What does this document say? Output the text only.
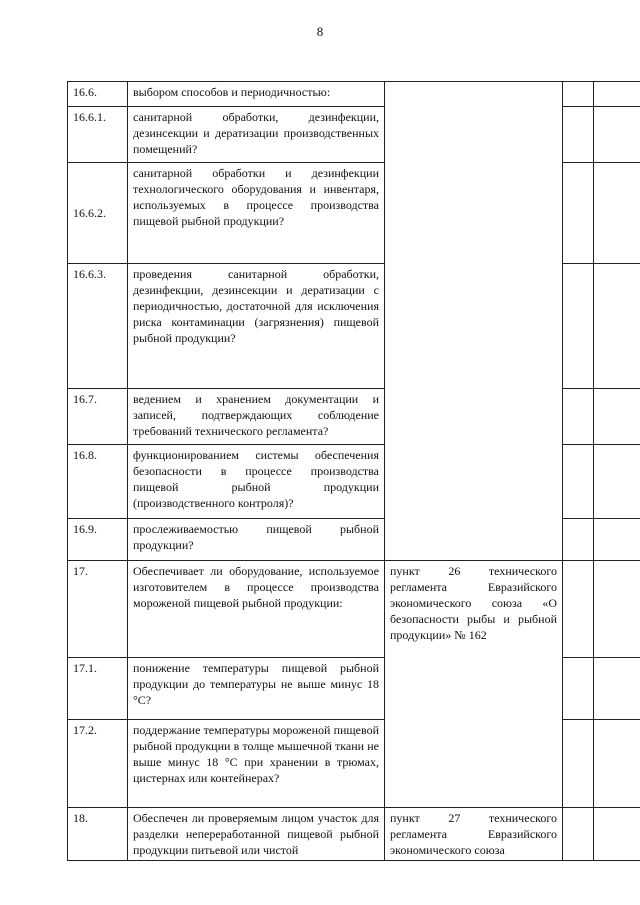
8
16.6.	выбором способов и периодичностью:			
16.6.1.	санитарной обработки, дезинфекции, дезинсекции и дератизации производственных помещений?			
16.6.2.	санитарной обработки и дезинфекции технологического оборудования и инвентаря, используемых в процессе производства пищевой рыбной продукции?			
16.6.3.	проведения санитарной обработки, дезинфекции, дезинсекции и дератизации с периодичностью, достаточной для исключения риска контаминации (загрязнения) пищевой рыбной продукции?			
16.7.	ведением и хранением документации и записей, подтверждающих соблюдение требований технического регламента?			
16.8.	функционированием системы обеспечения безопасности в процессе производства пищевой рыбной продукции (производственного контроля)?			
16.9.	прослеживаемостью пищевой рыбной продукции?			
17.	Обеспечивает ли оборудование, используемое изготовителем в процессе производства мороженой пищевой рыбной продукции:	пункт 26 технического регламента Евразийского экономического союза «О безопасности рыбы и рыбной продукции» № 162		
17.1.	понижение температуры пищевой рыбной продукции до температуры не выше минус 18 °С?			
17.2.	поддержание температуры мороженой пищевой рыбной продукции в толще мышечной ткани не выше минус 18 °С при хранении в трюмах, цистернах или контейнерах?			
18.	Обеспечен ли проверяемым лицом участок для разделки непереработанной пищевой рыбной продукции питьевой или чистой	пункт 27 технического регламента Евразийского экономического союза		
